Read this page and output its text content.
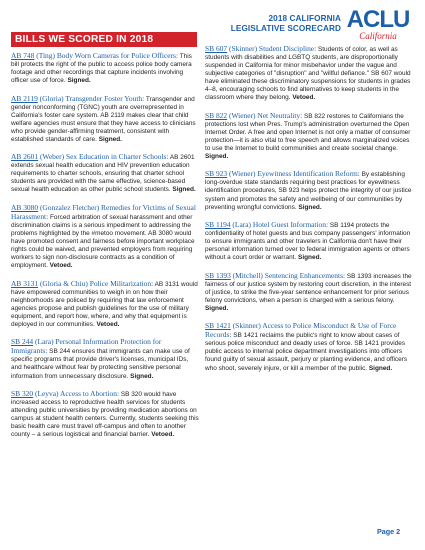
2018 CALIFORNIA
LEGISLATIVE SCORECARD ACLU
California
BILLS WE SCORED IN 2018

AB 748 (Ting) Body Worn Cameras for Police Officers: This bill protects the right of the public to access police body camera footage and other recordings that capture incidents involving officer use of force. Signed.

AB 2119 (Gloria) Transgender Foster Youth: Transgender and gender nonconforming (TGNC) youth are overrepresented in California's foster care system. AB 2119 makes clear that child welfare agencies must ensure that they have access to clinicians who provide gender-affirming treatment, consistent with established standards of care. Signed.

AB 2601 (Weber) Sex Education in Charter Schools: AB 2601 extends sexual health education and HIV prevention education requirements to charter schools, ensuring that charter school students are provided with the same effective, science-based sexual health education as other public school students. Signed.

AB 3080 (Gonzalez Fletcher) Remedies for Victims of Sexual Harassment: Forced arbitration of sexual harassment and other discrimination claims is a serious impediment to addressing the problems highlighted by the #metoo movement. AB 3080 would have promoted consent and fairness before important workplace rights could be waived, and prevented employers from requiring workers to sign non-disclosure contracts as a condition of employment. Vetoed.

AB 3131 (Gloria & Chiu) Police Militarization: AB 3131 would have empowered communities to weigh in on how their neighborhoods are policed by requiring that law enforcement agencies propose and publish guidelines for the use of military equipment, and report how, where, and why that equipment is deployed in our communities. Vetoed.

SB 244 (Lara) Personal Information Protection for Immigrants: SB 244 ensures that immigrants can make use of specific programs that provide driver's licenses, municipal IDs, and healthcare without fear by protecting sensitive personal information from unnecessary disclosure. Signed.

SB 320 (Leyva) Access to Abortion: SB 320 would have increased access to reproductive health services for students attending public universities by providing medication abortions on campus at student health centers. Currently, students seeking this basic health care must travel off-campus and often to another county – a serious logistical and financial barrier. Vetoed.

SB 607 (Skinner) Student Discipline: Students of color, as well as students with disabilities and LGBTQ students, are disproportionally suspended in California for minor misbehavior under the vague and subjective categories of "disruption" and "willful defiance." SB 607 would have eliminated these discriminatory suspensions for students in grades 4–8, encouraging schools to find alternatives to keep students in the classroom where they belong. Vetoed.

SB 822 (Wiener) Net Neutrality: SB 822 restores to Californians the protections lost when Pres. Trump's administration overturned the Open Internet Order. A free and open Internet is not only a matter of consumer protection—it is also vital to free speech and allows marginalized voices to use the Internet to build communities and create societal change. Signed.

SB 923 (Wiener) Eyewitness Identification Reform: By establishing long-overdue state standards requiring best practices for eyewitness identification procedures, SB 923 helps protect the integrity of our justice system and promotes the safety and wellbeing of our communities by preventing wrongful convictions. Signed.

SB 1194 (Lara) Hotel Guest Information: SB 1194 protects the confidentiality of hotel guests and bus company passengers' information to ensure immigrants and other travelers in California don't have their personal information turned over to federal immigration agents or others without a court order or warrant. Signed.

SB 1393 (Mitchell) Sentencing Enhancements: SB 1393 increases the fairness of our justice system by restoring court discretion, in the interest of justice, to strike the five-year sentence enhancement for prior serious felony convictions, when a person is charged with a serious felony. Signed.

SB 1421 (Skinner) Access to Police Misconduct & Use of Force Records: SB 1421 reclaims the public's right to know about cases of serious police misconduct and deadly uses of force. SB 1421 provides public access to internal police department investigations into officers found guilty of sexual assault, perjury or planting evidence, and officers who shoot, severely injure, or kill a member of the public. Signed.

Page 2
